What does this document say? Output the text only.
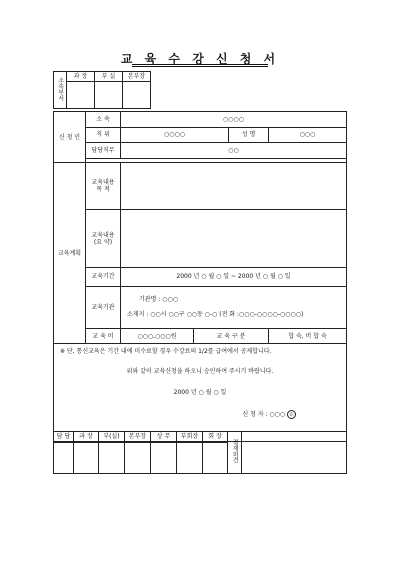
교 육 수 강 신 청 서
소속부서	과 장	부 실	본부장

신 청 인	소 속	○○○○			
	직 위	○○○○		성 명	○○○
	담당직무	○○			

교육계획	교육내용
목 적				

	교육내용
(요 약)				

	교육기간	2000 년 ○ 월 ○ 일 ~ 2000 년 ○ 월 ○ 일			
	교육기관	기관명 : ○○○
소재지 : ○○시 ○○구 ○○동 ○-○ (전 화 :○○○-○○○○-○○○○)			

	교 육 비	○○○,○○○원	교 육 구 분		합 숙, 비 합 숙

※ 단, 통신교육은 기간 내에 미수료할 경우 수강료의 1/2를 급여에서 공제합니다.
위와 같이 교육신청을 하오니 승인하여 주시기 바랍니다.
2000 년 ○ 월 ○ 일
신 청 자 : ○○○ 印					
담 당	과 장	부(실)	본부장	상 무	부회장	회 장	결재의견	
